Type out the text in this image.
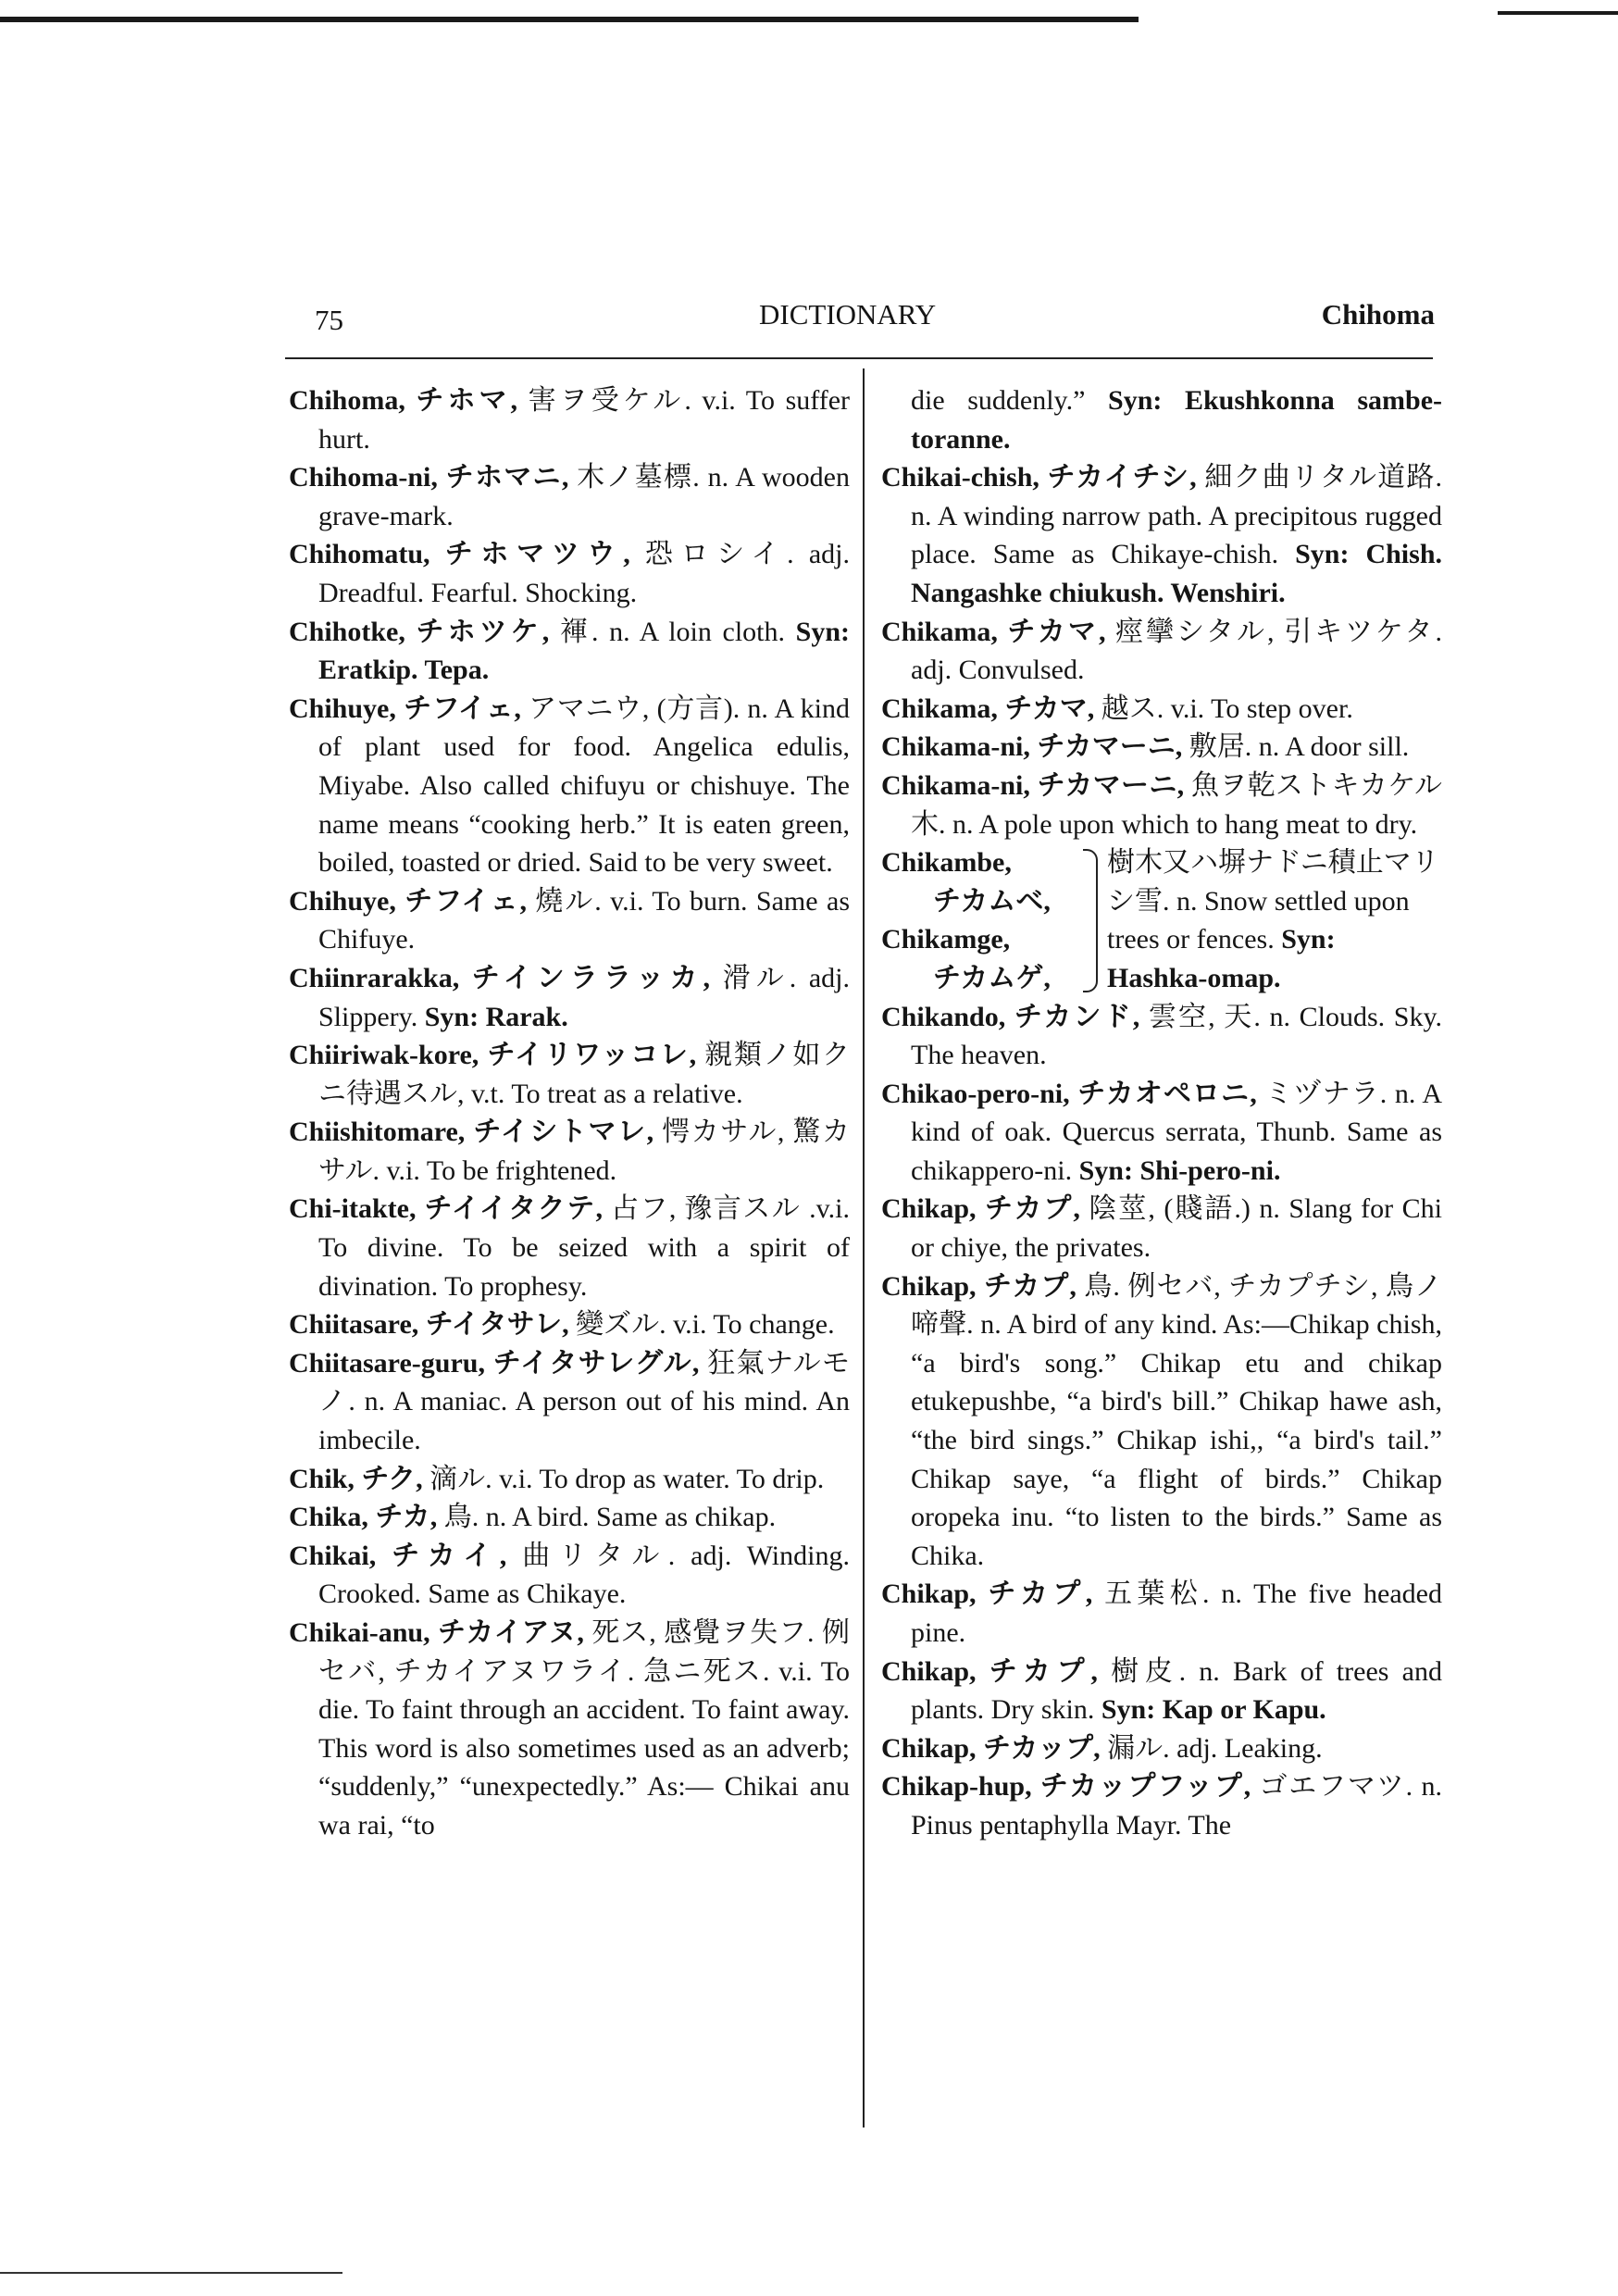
75	DICTIONARY	Chihoma
Chihoma, チホマ, 害ヲ受ケル. v.i. To suffer hurt.
Chihoma-ni, チホマニ, 木ノ墓標. n. A wooden grave-mark.
Chihomatu, チホマツウ, 恐ロシイ. adj. Dreadful. Fearful. Shocking.
Chihotke, チホツケ, 褌. n. A loin cloth. Syn: Eratkip. Tepa.
Chihuye, チフイェ, アマニウ, (方言). n. A kind of plant used for food. Angelica edulis, Miyabe. Also called chifuyu or chishuye. The name means “cooking herb.” It is eaten green, boiled, toasted or dried. Said to be very sweet.
Chihuye, チフイェ, 燒ル. v.i. To burn. Same as Chifuye.
Chiinrarakka, チインララッカ, 滑ル. adj. Slippery. Syn: Rarak.
Chiiriwak-kore, チイリワッコレ, 親類ノ如クニ待遇スル, v.t. To treat as a relative.
Chiishitomare, チイシトマレ, 愕カサル, 驚カサル. v.i. To be frightened.
Chi-itakte, チイイタクテ, 占フ, 豫言スル .v.i. To divine. To be seized with a spirit of divination. To prophesy.
Chiitasare, チイタサレ, 變ズル. v.i. To change.
Chiitasare-guru, チイタサレグル, 狂氣ナルモノ. n. A maniac. A person out of his mind. An imbecile.
Chik, チク, 滴ル. v.i. To drop as water. To drip.
Chika, チカ, 鳥. n. A bird. Same as chikap.
Chikai, チカイ, 曲リタル. adj. Winding. Crooked. Same as Chikaye.
Chikai-anu, チカイアヌ, 死ス, 感覺ヲ失フ. 例セバ, チカイアヌワライ. 急ニ死ス. v.i. To die. To faint through an accident. To faint away. This word is also sometimes used as an adverb; “suddenly,” “unexpectedly.” As:— Chikai anu wa rai, “to
die suddenly.” Syn: Ekushkonna sambe-toranne.
Chikai-chish, チカイチシ, 細ク曲リタル道路. n. A winding narrow path. A precipitous rugged place. Same as Chikaye-chish. Syn: Chish. Nangashke chiukush. Wenshiri.
Chikama, チカマ, 痙攣シタル, 引キツケタ. adj. Convulsed.
Chikama, チカマ, 越ス. v.i. To step over.
Chikama-ni, チカマーニ, 敷居. n. A door sill.
Chikama-ni, チカマーニ, 魚ヲ乾ストキカケル木. n. A pole upon which to hang meat to dry.
Chikambe,
チカムベ,
Chikamge,
チカムゲ,
樹木又ハ塀ナドニ積止マリシ雪. n. Snow settled upon trees or fences. Syn: Hashka-omap.
Chikando, チカンド, 雲空, 天. n. Clouds. Sky. The heaven.
Chikao-pero-ni, チカオペロニ, ミヅナラ. n. A kind of oak. Quercus serrata, Thunb. Same as chikappero-ni. Syn: Shi-pero-ni.
Chikap, チカプ, 陰莖, (賤語.) n. Slang for Chi or chiye, the privates.
Chikap, チカプ, 鳥. 例セバ, チカプチシ, 鳥ノ啼聲. n. A bird of any kind. As:—Chikap chish, “a bird's song.” Chikap etu and chikap etukepushbe, “a bird's bill.” Chikap hawe ash, “the bird sings.” Chikap ishi,, “a bird's tail.” Chikap saye, “a flight of birds.” Chikap oropeka inu. “to listen to the birds.” Same as Chika.
Chikap, チカプ, 五葉松. n. The five headed pine.
Chikap, チカプ, 樹皮. n. Bark of trees and plants. Dry skin. Syn: Kap or Kapu.
Chikap, チカップ, 漏ル. adj. Leaking.
Chikap-hup, チカップフップ, ゴエフマツ. n. Pinus pentaphylla Mayr. The
